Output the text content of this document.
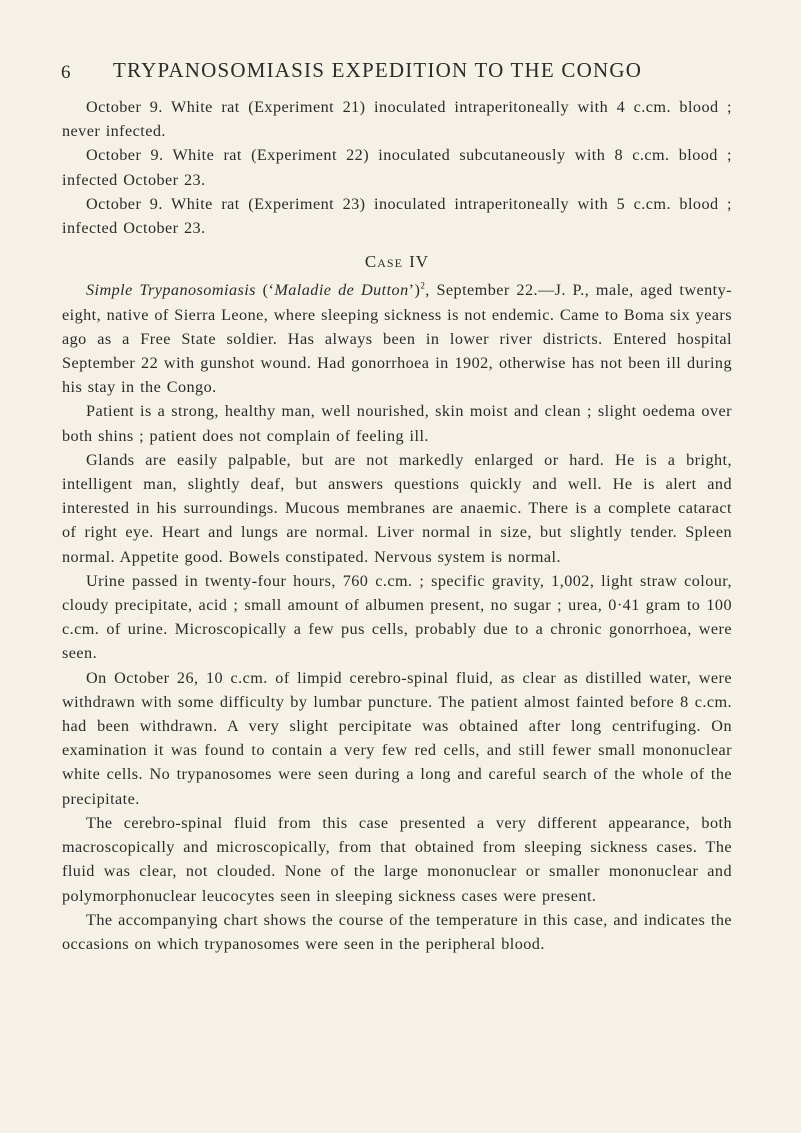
6 TRYPANOSOMIASIS EXPEDITION TO THE CONGO

October 9. White rat (Experiment 21) inoculated intraperitoneally with 4 c.cm. blood ; never infected.

October 9. White rat (Experiment 22) inoculated subcutaneously with 8 c.cm. blood ; infected October 23.

October 9. White rat (Experiment 23) inoculated intraperitoneally with 5 c.cm. blood ; infected October 23.

Case IV

Simple Trypanosomiasis (‘Maladie de Dutton’)$^2$, September 22.—J. P., male, aged twenty-eight, native of Sierra Leone, where sleeping sickness is not endemic. Came to Boma six years ago as a Free State soldier. Has always been in lower river districts. Entered hospital September 22 with gunshot wound. Had gonorrhoea in 1902, otherwise has not been ill during his stay in the Congo.

Patient is a strong, healthy man, well nourished, skin moist and clean ; slight oedema over both shins ; patient does not complain of feeling ill.

Glands are easily palpable, but are not markedly enlarged or hard. He is a bright, intelligent man, slightly deaf, but answers questions quickly and well. He is alert and interested in his surroundings. Mucous membranes are anaemic. There is a complete cataract of right eye. Heart and lungs are normal. Liver normal in size, but slightly tender. Spleen normal. Appetite good. Bowels constipated. Nervous system is normal.

Urine passed in twenty-four hours, 760 c.cm. ; specific gravity, 1,002, light straw colour, cloudy precipitate, acid ; small amount of albumen present, no sugar ; urea, 0·41 gram to 100 c.cm. of urine. Microscopically a few pus cells, probably due to a chronic gonorrhoea, were seen.

On October 26, 10 c.cm. of limpid cerebro-spinal fluid, as clear as distilled water, were withdrawn with some difficulty by lumbar puncture. The patient almost fainted before 8 c.cm. had been withdrawn. A very slight percipitate was obtained after long centrifuging. On examination it was found to contain a very few red cells, and still fewer small mononuclear white cells. No trypanosomes were seen during a long and careful search of the whole of the precipitate.

The cerebro-spinal fluid from this case presented a very different appearance, both macroscopically and microscopically, from that obtained from sleeping sickness cases. The fluid was clear, not clouded. None of the large mononuclear or smaller mononuclear and polymorphonuclear leucocytes seen in sleeping sickness cases were present.

The accompanying chart shows the course of the temperature in this case, and indicates the occasions on which trypanosomes were seen in the peripheral blood.
